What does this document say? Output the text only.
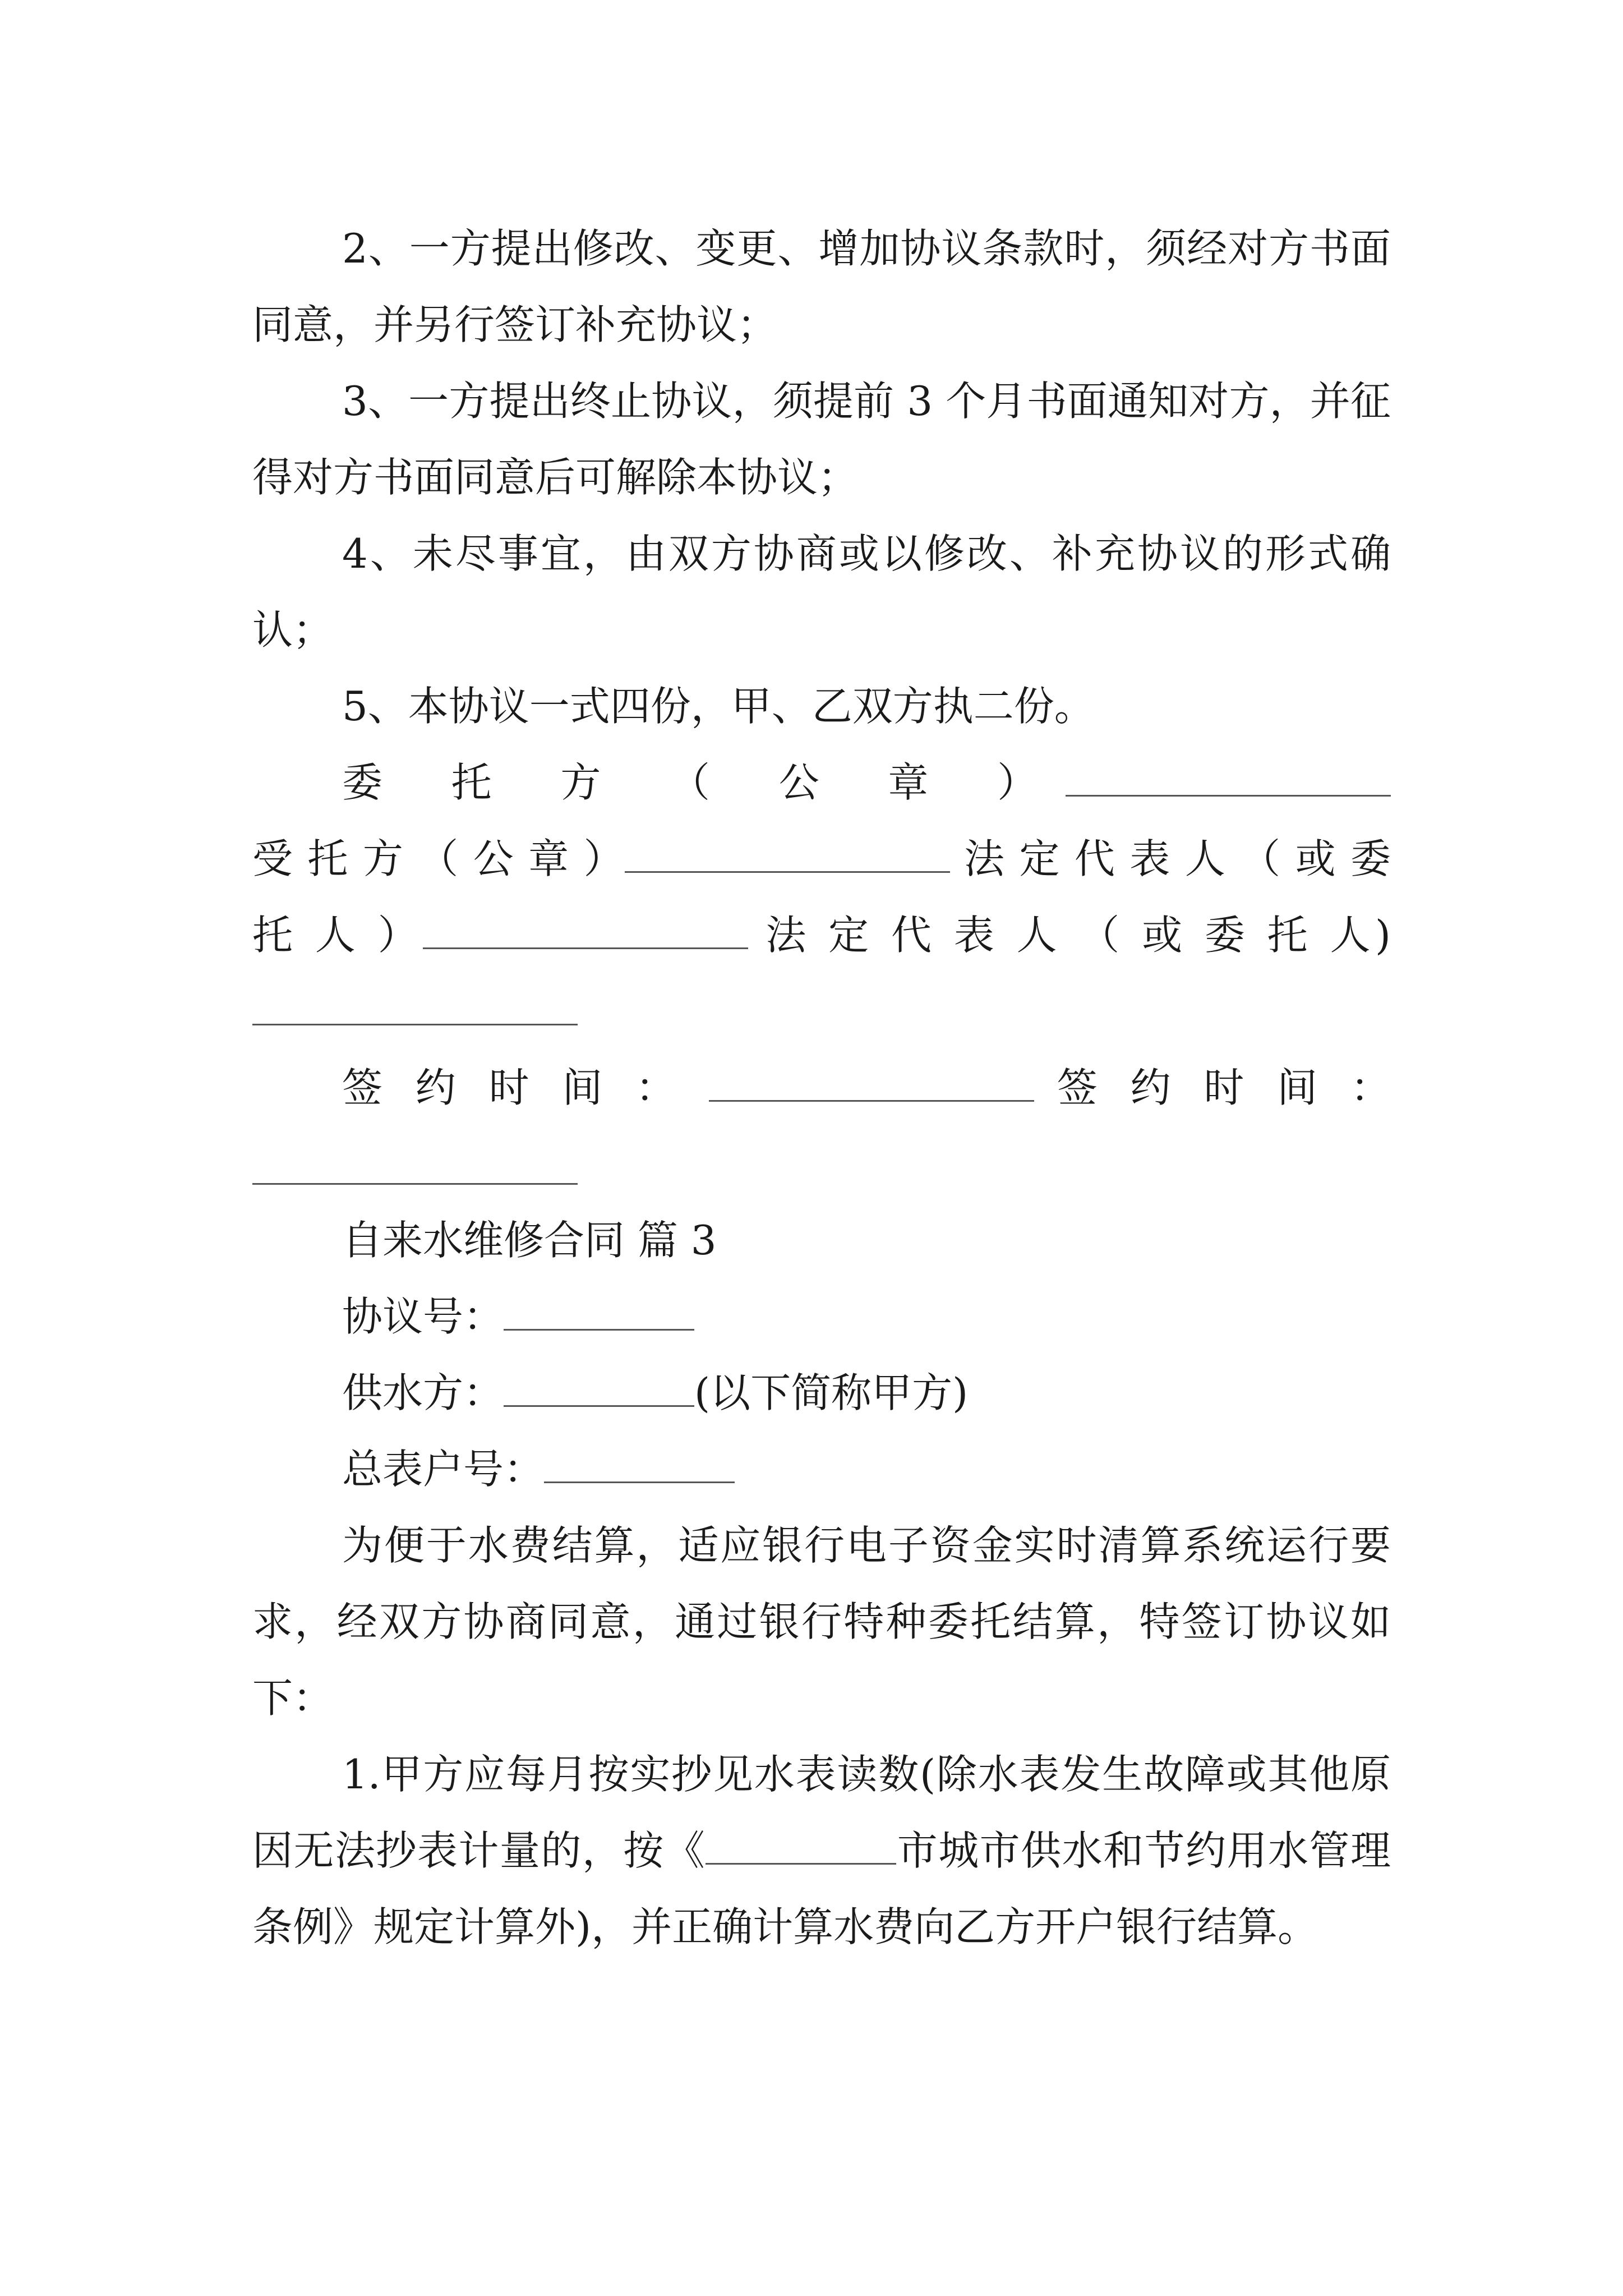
2、一方提出修改、变更、增加协议条款时，须经对方书面同意，并另行签订补充协议；

3、一方提出终止协议，须提前 3 个月书面通知对方，并征得对方书面同意后可解除本协议；

4、未尽事宜，由双方协商或以修改、补充协议的形式确认；

5、本协议一式四份，甲、乙双方执二份。

委 托 方 （ 公 章 ） 受 托 方 （ 公 章 ）	法 定 代 表 人 （ 或 委 托 人 ）	法 定 代 表 人 （ 或 委 托 人)

签 约 时 间 ：	签 约 时 间 ：

自来水维修合同 篇 3

协议号：

供水方：	(以下简称甲方)

总表户号：

为便于水费结算，适应银行电子资金实时清算系统运行要求，经双方协商同意，通过银行特种委托结算，特签订协议如下：

1.甲方应每月按实抄见水表读数(除水表发生故障或其他原因无法抄表计量的，按《	市城市供水和节约用水管理条例》规定计算外)，并正确计算水费向乙方开户银行结算。
